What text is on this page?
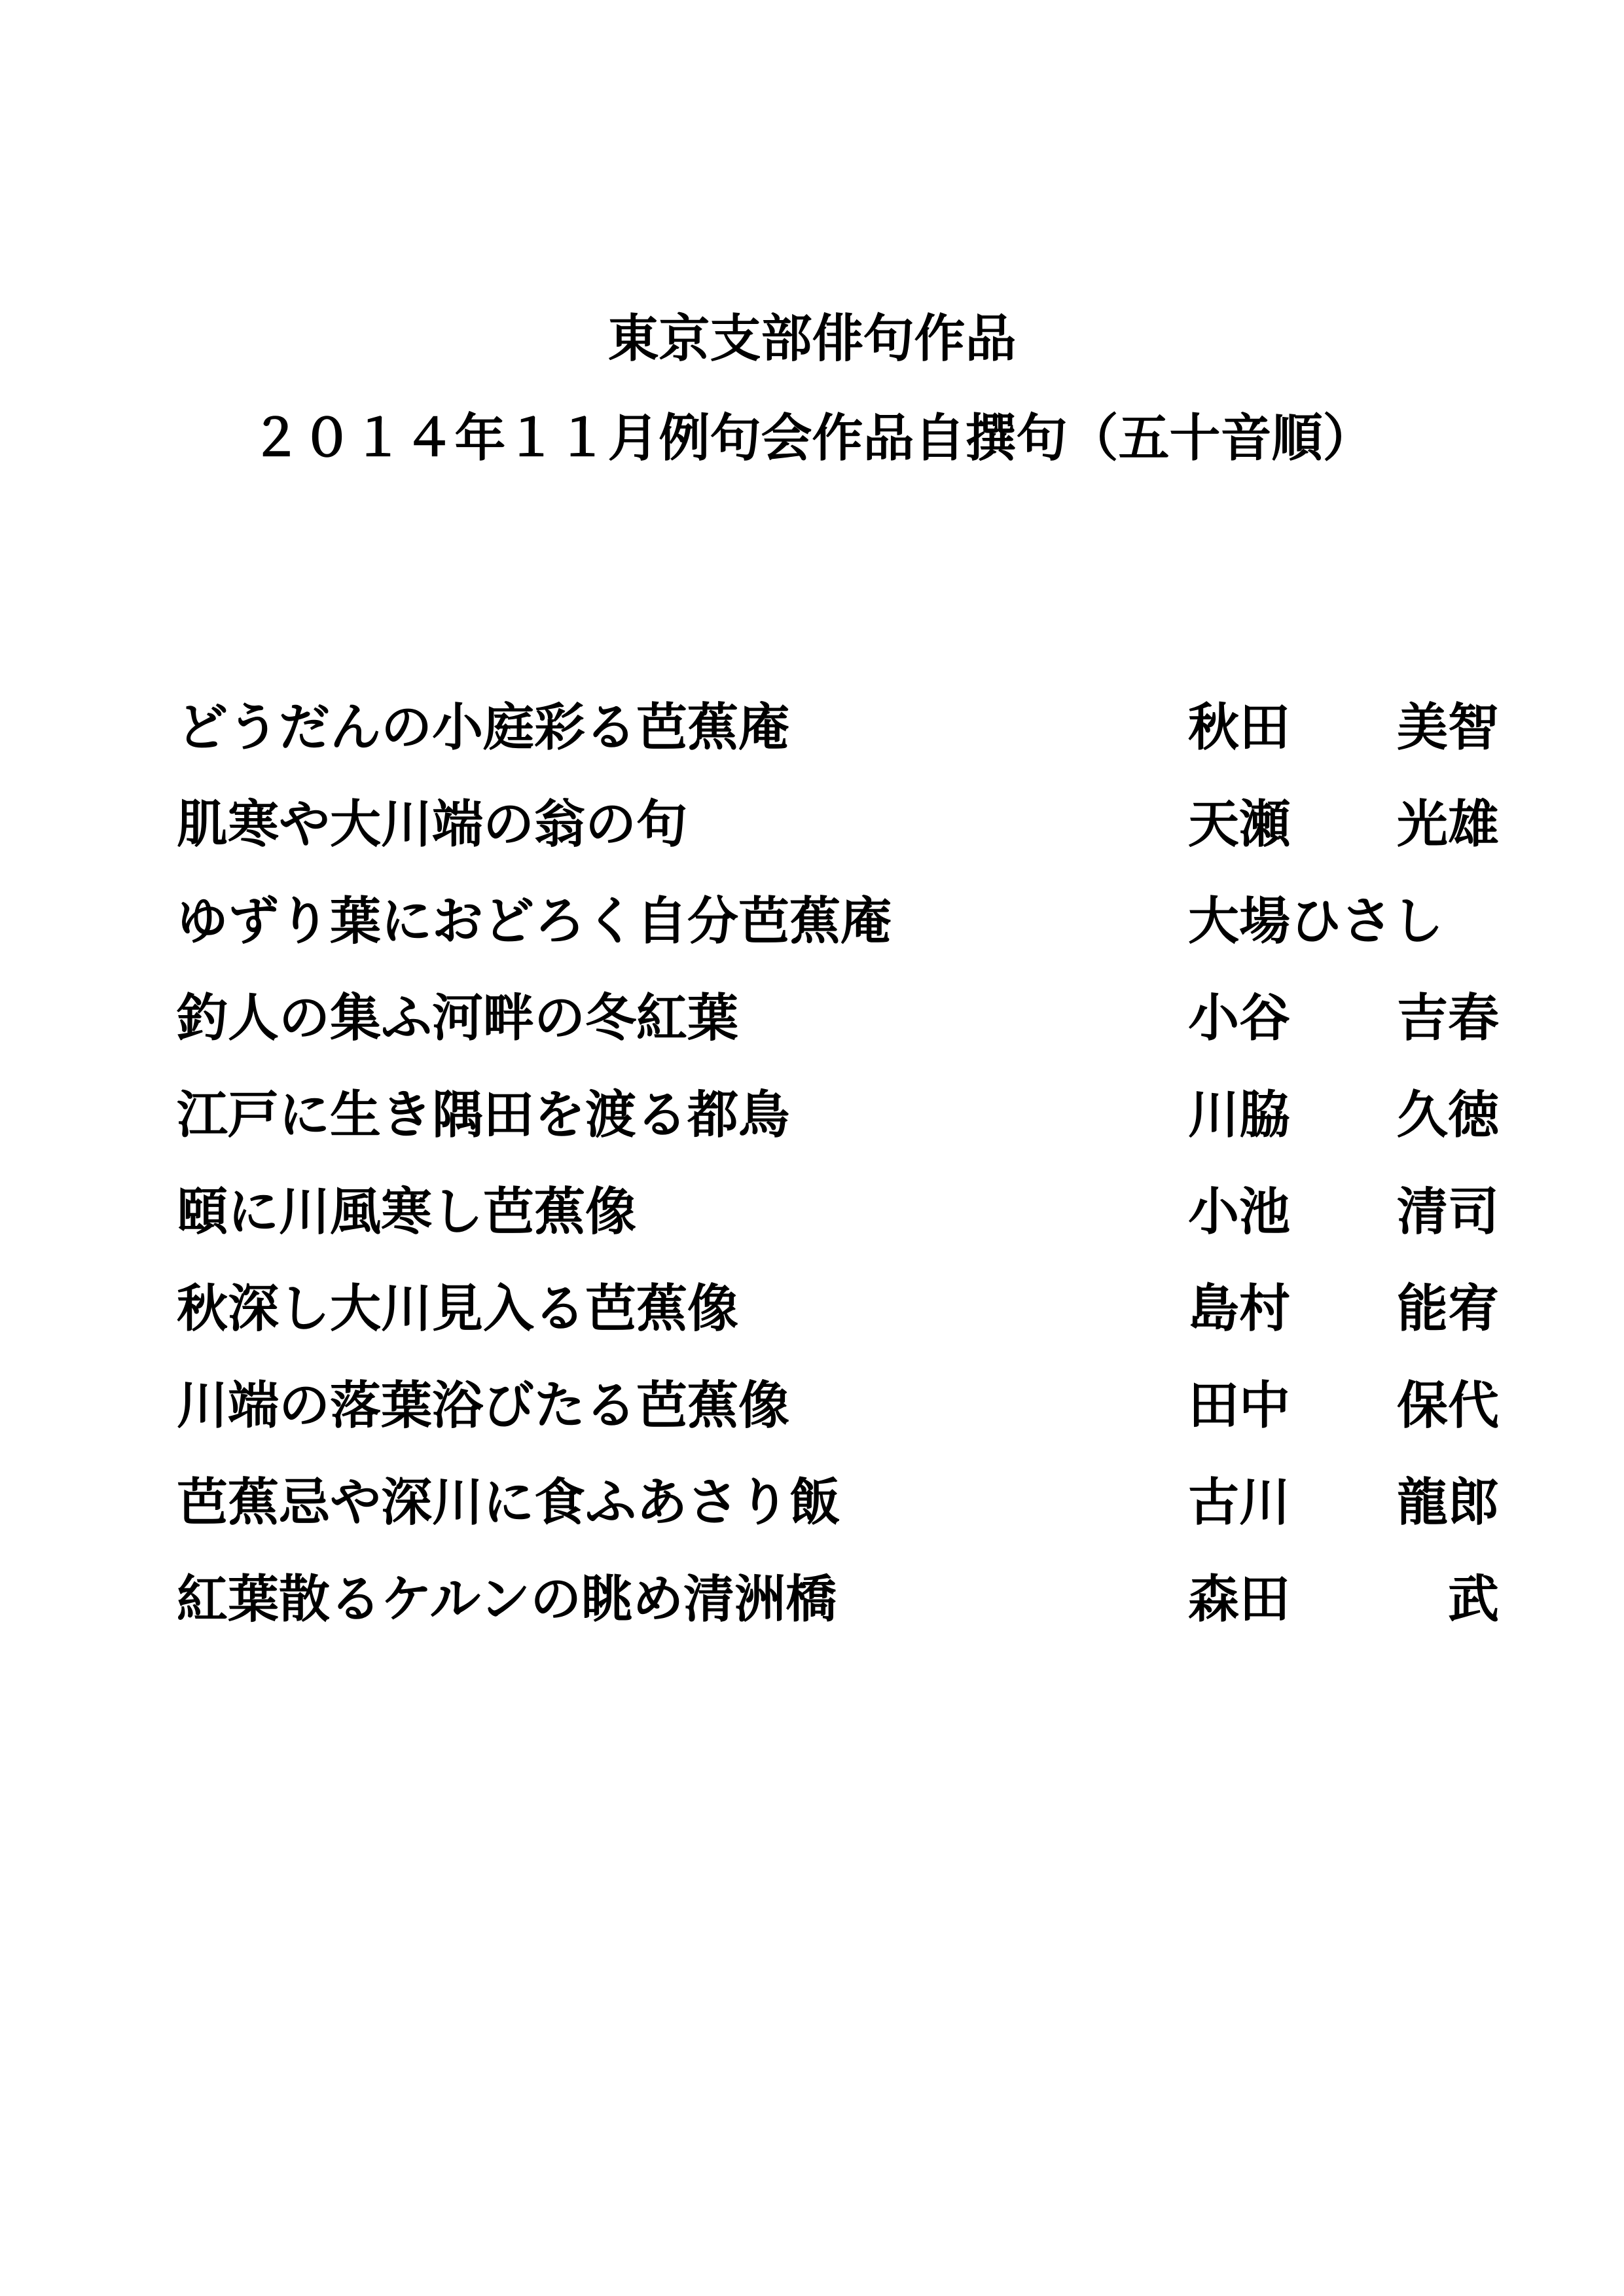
東京支部俳句作品
２０１４年１１月例句会作品自撰句（五十音順）
どうだんの小庭彩る芭蕉庵	秋田 美智
肌寒や大川端の翁の句	天瀬 光雄
ゆずり葉におどろく自分芭蕉庵	大場ひさし
釣人の集ふ河畔の冬紅葉	小谷 吉春
江戸に生き隅田を渡る都鳥	川脇 久徳
頤に川風寒し芭蕉像	小池 清司
秋深し大川見入る芭蕉像	島村 能宥
川端の落葉浴びたる芭蕉像	田中 保代
芭蕉忌や深川に食ふあさり飯	古川 龍郎
紅葉散るケルンの眺め清洲橋	森田	武
